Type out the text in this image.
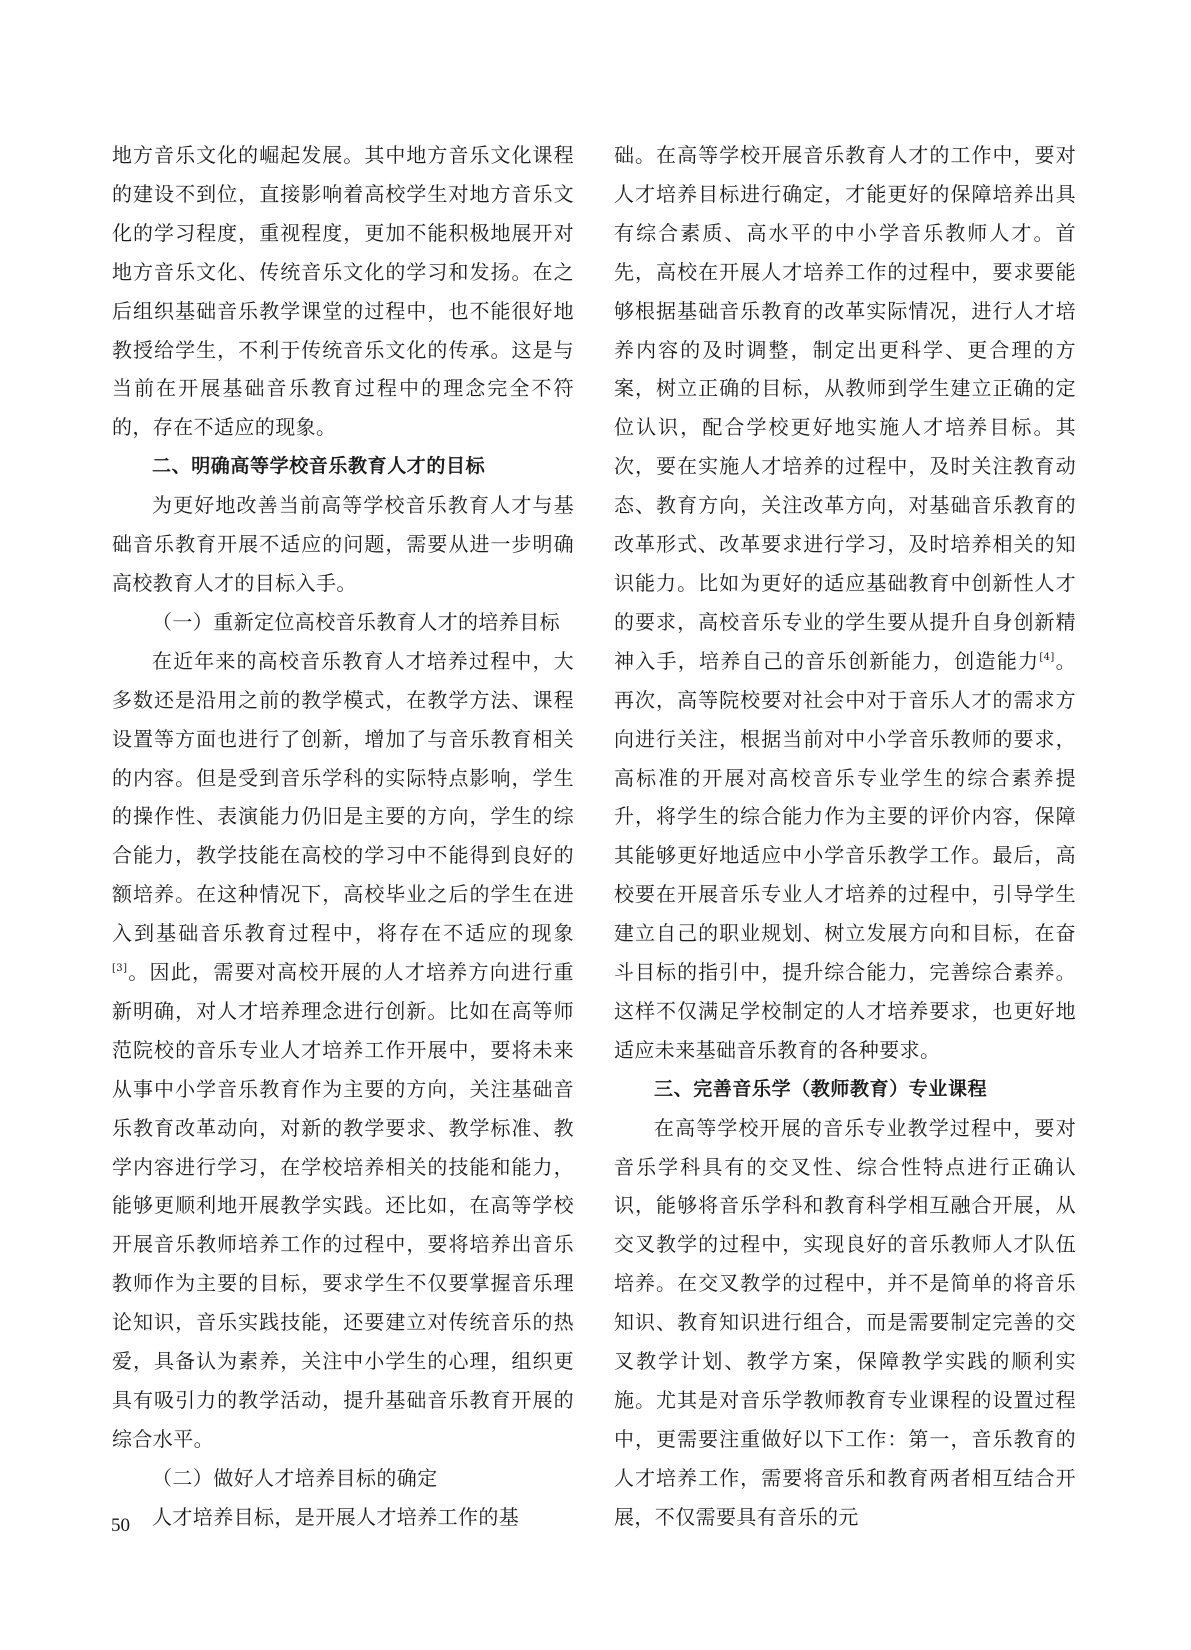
地方音乐文化的崛起发展。其中地方音乐文化课程的建设不到位，直接影响着高校学生对地方音乐文化的学习程度，重视程度，更加不能积极地展开对地方音乐文化、传统音乐文化的学习和发扬。在之后组织基础音乐教学课堂的过程中，也不能很好地教授给学生，不利于传统音乐文化的传承。这是与当前在开展基础音乐教育过程中的理念完全不符的，存在不适应的现象。

二、明确高等学校音乐教育人才的目标

为更好地改善当前高等学校音乐教育人才与基础音乐教育开展不适应的问题，需要从进一步明确高校教育人才的目标入手。

（一）重新定位高校音乐教育人才的培养目标

在近年来的高校音乐教育人才培养过程中，大多数还是沿用之前的教学模式，在教学方法、课程设置等方面也进行了创新，增加了与音乐教育相关的内容。但是受到音乐学科的实际特点影响，学生的操作性、表演能力仍旧是主要的方向，学生的综合能力，教学技能在高校的学习中不能得到良好的额培养。在这种情况下，高校毕业之后的学生在进入到基础音乐教育过程中，将存在不适应的现象[3]。因此，需要对高校开展的人才培养方向进行重新明确，对人才培养理念进行创新。比如在高等师范院校的音乐专业人才培养工作开展中，要将未来从事中小学音乐教育作为主要的方向，关注基础音乐教育改革动向，对新的教学要求、教学标准、教学内容进行学习，在学校培养相关的技能和能力，能够更顺利地开展教学实践。还比如，在高等学校开展音乐教师培养工作的过程中，要将培养出音乐教师作为主要的目标，要求学生不仅要掌握音乐理论知识，音乐实践技能，还要建立对传统音乐的热爱，具备认为素养，关注中小学生的心理，组织更具有吸引力的教学活动，提升基础音乐教育开展的综合水平。

（二）做好人才培养目标的确定

人才培养目标，是开展人才培养工作的基

础。在高等学校开展音乐教育人才的工作中，要对人才培养目标进行确定，才能更好的保障培养出具有综合素质、高水平的中小学音乐教师人才。首先，高校在开展人才培养工作的过程中，要求要能够根据基础音乐教育的改革实际情况，进行人才培养内容的及时调整，制定出更科学、更合理的方案，树立正确的目标，从教师到学生建立正确的定位认识，配合学校更好地实施人才培养目标。其次，要在实施人才培养的过程中，及时关注教育动态、教育方向，关注改革方向，对基础音乐教育的改革形式、改革要求进行学习，及时培养相关的知识能力。比如为更好的适应基础教育中创新性人才的要求，高校音乐专业的学生要从提升自身创新精神入手，培养自己的音乐创新能力，创造能力[4]。再次，高等院校要对社会中对于音乐人才的需求方向进行关注，根据当前对中小学音乐教师的要求，高标准的开展对高校音乐专业学生的综合素养提升，将学生的综合能力作为主要的评价内容，保障其能够更好地适应中小学音乐教学工作。最后，高校要在开展音乐专业人才培养的过程中，引导学生建立自己的职业规划、树立发展方向和目标，在奋斗目标的指引中，提升综合能力，完善综合素养。这样不仅满足学校制定的人才培养要求，也更好地适应未来基础音乐教育的各种要求。

三、完善音乐学（教师教育）专业课程

在高等学校开展的音乐专业教学过程中，要对音乐学科具有的交叉性、综合性特点进行正确认识，能够将音乐学科和教育科学相互融合开展，从交叉教学的过程中，实现良好的音乐教师人才队伍培养。在交叉教学的过程中，并不是简单的将音乐知识、教育知识进行组合，而是需要制定完善的交叉教学计划、教学方案，保障教学实践的顺利实施。尤其是对音乐学教师教育专业课程的设置过程中，更需要注重做好以下工作：第一，音乐教育的人才培养工作，需要将音乐和教育两者相互结合开展，不仅需要具有音乐的元

50
